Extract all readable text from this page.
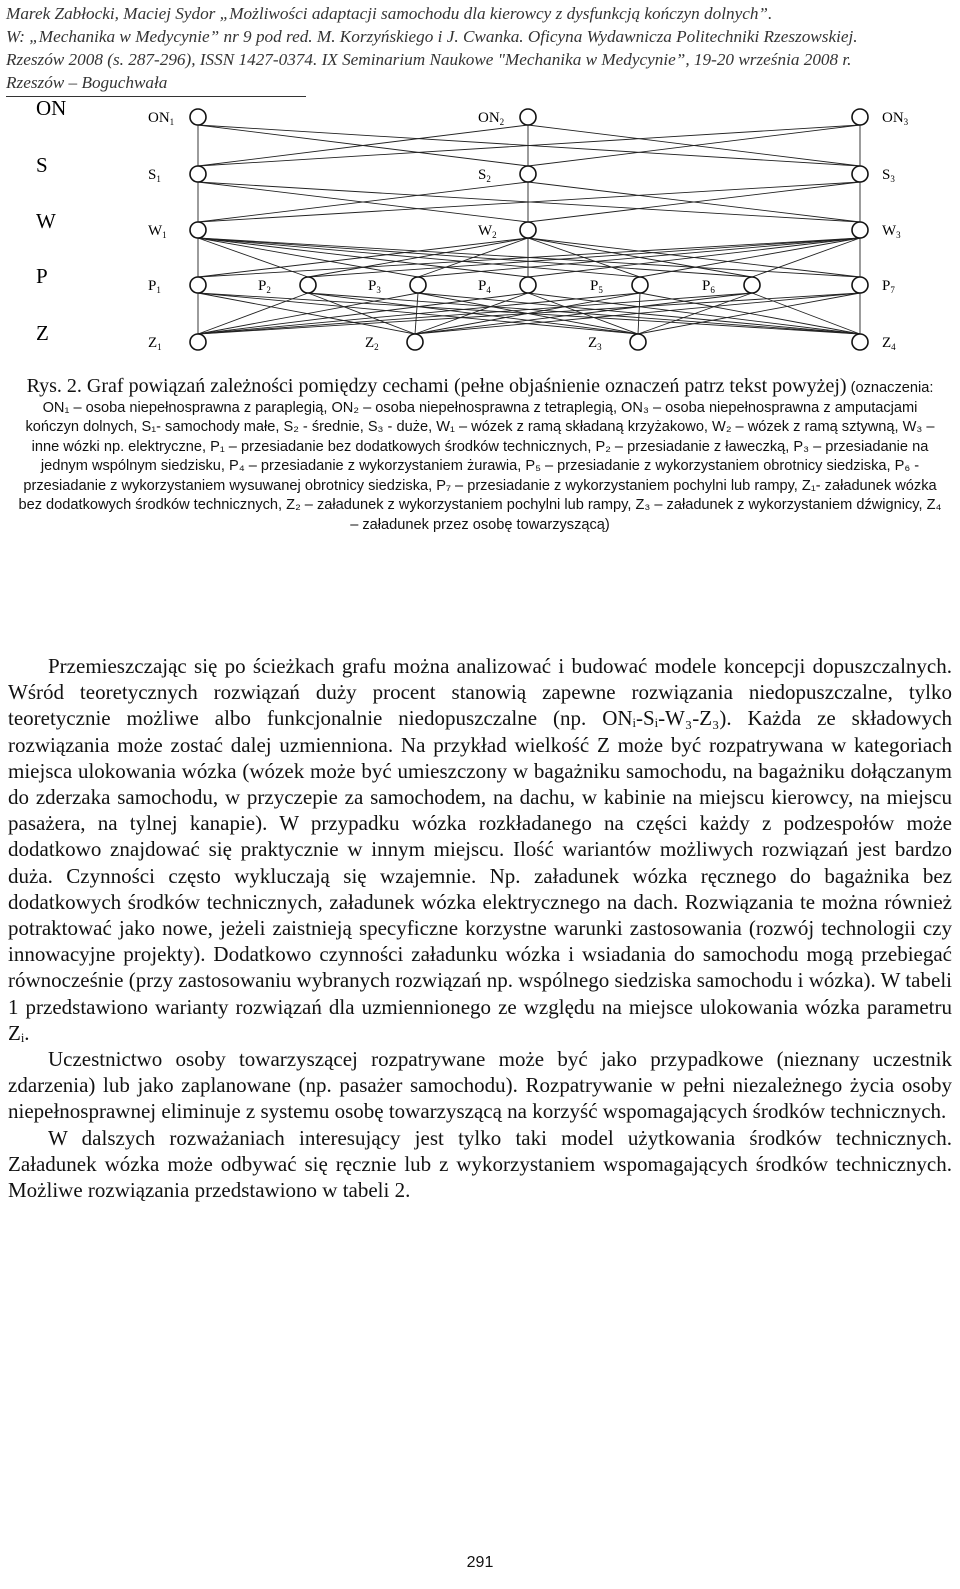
Marek Zabłocki, Maciej Sydor „Możliwości adaptacji samochodu dla kierowcy z dysfunkcją kończyn dolnych”.
W: „Mechanika w Medycynie” nr 9 pod red. M. Korzyńskiego i J. Cwanka. Oficyna Wydawnicza Politechniki Rzeszowskiej.
Rzeszów 2008 (s. 287-296), ISSN 1427-0374. IX Seminarium Naukowe "Mechanika w Medycynie”, 19-20 września 2008 r.
Rzeszów – Boguchwała
ON	$ON_1$	$ON_2$	$ON_3$
S	$S_1$	$S_2$	$S_3$
W	$W_1$	$W_2$	$W_3$
P	$P_1$	$P_2$	$P_3$	$P_4$	$P_5$	$P_6$	$P_7$
Z	$Z_1$	$Z_2$	$Z_3$	$Z_4$
Rys. 2. Graf powiązań zależności pomiędzy cechami (pełne objaśnienie oznaczeń patrz tekst powyżej) (oznaczenia: ON₁ – osoba niepełnosprawna z paraplegią, ON₂ – osoba niepełnosprawna z tetraplegią, ON₃ – osoba niepełnosprawna z amputacjami kończyn dolnych, S₁- samochody małe, S₂ - średnie, S₃ - duże, W₁ – wózek z ramą składaną krzyżakowo, W₂ – wózek z ramą sztywną, W₃ – inne wózki np. elektryczne, P₁ – przesiadanie bez dodatkowych środków technicznych, P₂ – przesiadanie z ławeczką, P₃ – przesiadanie na jednym wspólnym siedzisku, P₄ – przesiadanie z wykorzystaniem żurawia, P₅ – przesiadanie z wykorzystaniem obrotnicy siedziska, P₆ - przesiadanie z wykorzystaniem wysuwanej obrotnicy siedziska, P₇ – przesiadanie z wykorzystaniem pochylni lub rampy, Z₁- załadunek wózka bez dodatkowych środków technicznych, Z₂ – załadunek z wykorzystaniem pochylni lub rampy, Z₃ – załadunek z wykorzystaniem dźwignicy, Z₄ – załadunek przez osobę towarzyszącą)

Przemieszczając się po ścieżkach grafu można analizować i budować modele koncepcji dopuszczalnych. Wśród teoretycznych rozwiązań duży procent stanowią zapewne rozwiązania niedopuszczalne, tylko teoretycznie możliwe albo funkcjonalnie niedopuszczalne (np. ONᵢ-Sᵢ-W₃-Z₃). Każda ze składowych rozwiązania może zostać dalej uzmienniona. Na przykład wielkość Z może być rozpatrywana w kategoriach miejsca ulokowania wózka (wózek może być umieszczony w bagażniku samochodu, na bagażniku dołączanym do zderzaka samochodu, w przyczepie za samochodem, na dachu, w kabinie na miejscu kierowcy, na miejscu pasażera, na tylnej kanapie). W przypadku wózka rozkładanego na części każdy z podzespołów może dodatkowo znajdować się praktycznie w innym miejscu. Ilość wariantów możliwych rozwiązań jest bardzo duża. Czynności często wykluczają się wzajemnie. Np. załadunek wózka ręcznego do bagażnika bez dodatkowych środków technicznych, załadunek wózka elektrycznego na dach. Rozwiązania te można również potraktować jako nowe, jeżeli zaistnieją specyficzne korzystne warunki zastosowania (rozwój technologii czy innowacyjne projekty). Dodatkowo czynności załadunku wózka i wsiadania do samochodu mogą przebiegać równocześnie (przy zastosowaniu wybranych rozwiązań np. wspólnego siedziska samochodu i wózka). W tabeli 1 przedstawiono warianty rozwiązań dla uzmiennionego ze względu na miejsce ulokowania wózka parametru Zᵢ.

Uczestnictwo osoby towarzyszącej rozpatrywane może być jako przypadkowe (nieznany uczestnik zdarzenia) lub jako zaplanowane (np. pasażer samochodu). Rozpatrywanie w pełni niezależnego życia osoby niepełnosprawnej eliminuje z systemu osobę towarzyszącą na korzyść wspomagających środków technicznych.

W dalszych rozważaniach interesujący jest tylko taki model użytkowania środków technicznych. Załadunek wózka może odbywać się ręcznie lub z wykorzystaniem wspomagających środków technicznych. Możliwe rozwiązania przedstawiono w tabeli 2.

291
